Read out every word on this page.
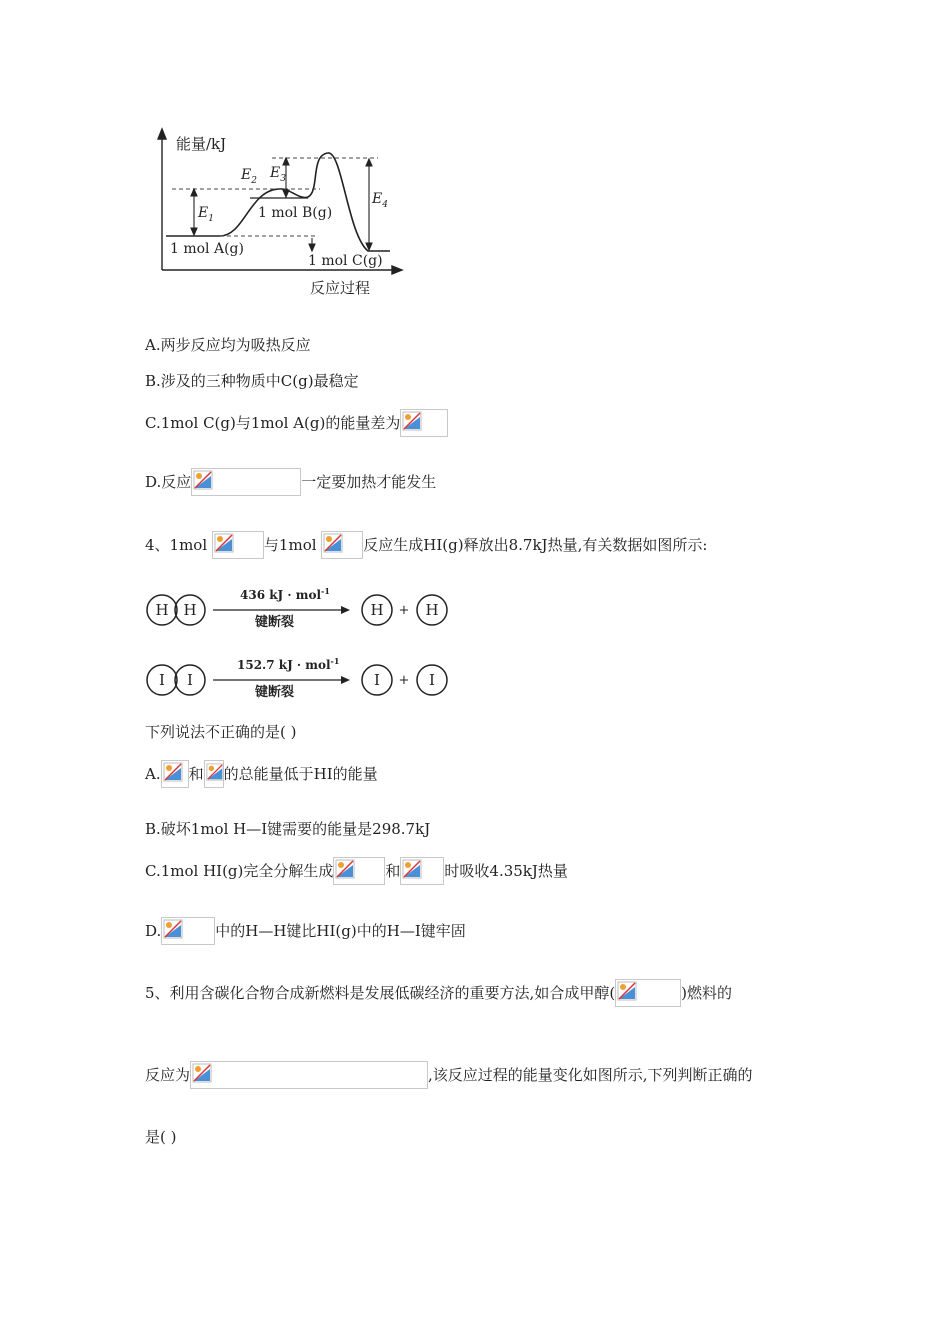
能量/kJ
反应过程
$E_1$
$E_2$ $E_3$
$E_4$
1 mol A(g)
1 mol B(g)
1 mol C(g)
A.两步反应均为吸热反应
B.涉及的三种物质中C(g)最稳定
C.1mol C(g)与1mol A(g)的能量差为
D.反应	一定要加热才能发生
4、1mol	与1mol	反应生成HI(g)释放出8.7kJ热量,有关数据如图所示:
H H
436 kJ · mol$^{-1}$
键断裂
H + H
I I
152.7 kJ · mol$^{-1}$
键断裂
I + I
下列说法不正确的是( )
A. 和 的总能量低于HI的能量
B.破坏1mol H—I键需要的能量是298.7kJ
C.1mol HI(g)完全分解生成	和	时吸收4.35kJ热量
D.	中的H—H键比HI(g)中的H—I键牢固
5、利用含碳化合物合成新燃料是发展低碳经济的重要方法,如合成甲醇(	)燃料的
反应为	,该反应过程的能量变化如图所示,下列判断正确的
是( )
